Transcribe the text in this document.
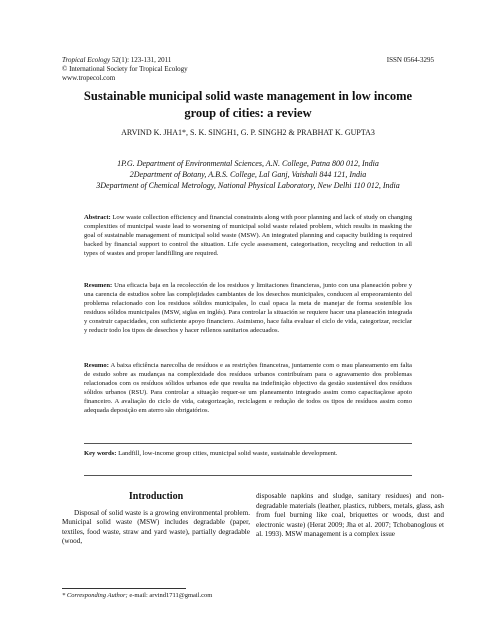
Tropical Ecology 52(1): 123-131, 2011	ISSN 0564-3295
© International Society for Tropical Ecology
www.tropecol.com
Sustainable municipal solid waste management in low income
group of cities: a review
ARVIND K. JHA1*, S. K. SINGH1, G. P. SINGH2 & PRABHAT K. GUPTA3
1P.G. Department of Environmental Sciences, A.N. College, Patna 800 012, India
2Department of Botany, A.B.S. College, Lal Ganj, Vaishali 844 121, India
3Department of Chemical Metrology, National Physical Laboratory, New Delhi 110 012, India
Abstract: Low waste collection efficiency and financial constraints along with poor planning and lack of study on changing complexities of municipal waste lead to worsening of municipal solid waste related problem, which results in masking the goal of sustainable management of municipal solid waste (MSW). An integrated planning and capacity building is required backed by financial support to control the situation. Life cycle assessment, categorisation, recycling and reduction in all types of wastes and proper landfilling are required.
Resumen: Una eficacia baja en la recolección de los residuos y limitaciones financieras, junto con una planeación pobre y una carencia de estudios sobre las complejidades cambiantes de los desechos municipales, conducen al empeoramiento del problema relacionado con los residuos sólidos municipales, lo cual opaca la meta de manejar de forma sostenible los residuos sólidos municipales (MSW, siglas en inglés). Para controlar la situación se requiere hacer una planeación integrada y construir capacidades, con suficiente apoyo financiero. Asimismo, hace falta evaluar el ciclo de vida, categorizar, reciclar y reducir todo los tipos de desechos y hacer rellenos sanitarios adecuados.
Resumo: A baixa eficiência narecolha de resíduos e as restrições financeiras, juntamente com o mau planeamento em falta de estudo sobre as mudanças na complexidade dos resíduos urbanos contribuíram para o agravamento dos problemas relacionados com os resíduos sólidos urbanos ede que resulta na indefinição objectivo da gestão sustentável dos resíduos sólidos urbanos (RSU). Para controlar a situação requer-se um planeamento integrado assim como capacitaçãose apoio financeiro. A avaliação do ciclo de vida, categorização, reciclagem e redução de todos os tipos de resíduos assim como adequada deposição em aterro são obrigatórios.
Key words: Landfill, low-income group cities, municipal solid waste, sustainable development.
Introduction

Disposal of solid waste is a growing environmental problem. Municipal solid waste (MSW) includes degradable (paper, textiles, food waste, straw and yard waste), partially degradable (wood,

disposable napkins and sludge, sanitary residues) and non-degradable materials (leather, plastics, rubbers, metals, glass, ash from fuel burning like coal, briquettes or woods, dust and electronic waste) (Herat 2009; Jha et al. 2007; Tchobanoglous et al. 1993). MSW management is a complex issue

* Corresponding Author; e-mail: arvind1711@gmail.com
